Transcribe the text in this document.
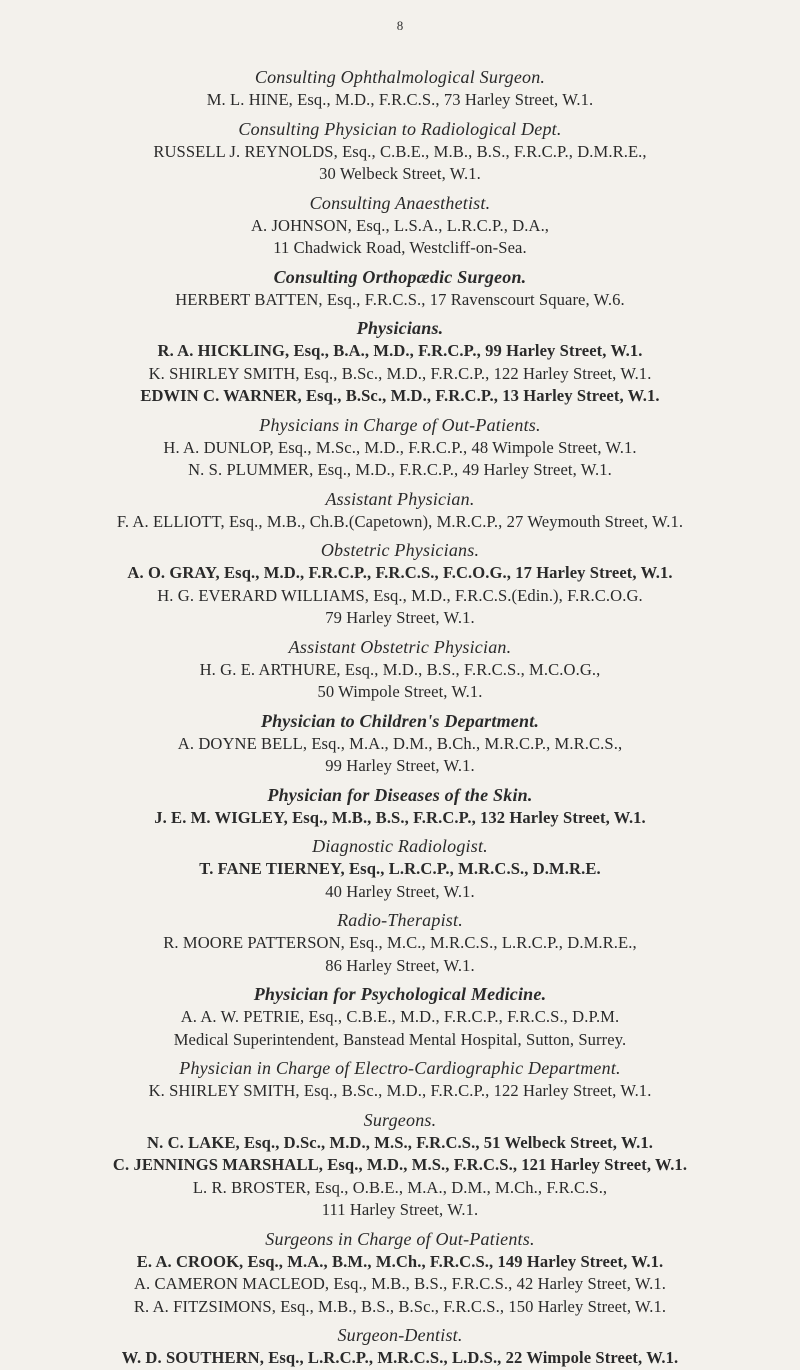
8
Consulting Ophthalmological Surgeon.
M. L. HINE, Esq., M.D., F.R.C.S., 73 Harley Street, W.1.
Consulting Physician to Radiological Dept.
RUSSELL J. REYNOLDS, Esq., C.B.E., M.B., B.S., F.R.C.P., D.M.R.E.,
30 Welbeck Street, W.1.
Consulting Anaesthetist.
A. JOHNSON, Esq., L.S.A., L.R.C.P., D.A.,
11 Chadwick Road, Westcliff-on-Sea.
Consulting Orthopædic Surgeon.
HERBERT BATTEN, Esq., F.R.C.S., 17 Ravenscourt Square, W.6.
Physicians.
R. A. HICKLING, Esq., B.A., M.D., F.R.C.P., 99 Harley Street, W.1.
K. SHIRLEY SMITH, Esq., B.Sc., M.D., F.R.C.P., 122 Harley Street, W.1.
EDWIN C. WARNER, Esq., B.Sc., M.D., F.R.C.P., 13 Harley Street, W.1.
Physicians in Charge of Out-Patients.
H. A. DUNLOP, Esq., M.Sc., M.D., F.R.C.P., 48 Wimpole Street, W.1.
N. S. PLUMMER, Esq., M.D., F.R.C.P., 49 Harley Street, W.1.
Assistant Physician.
F. A. ELLIOTT, Esq., M.B., Ch.B.(Capetown), M.R.C.P., 27 Weymouth Street, W.1.
Obstetric Physicians.
A. O. GRAY, Esq., M.D., F.R.C.P., F.R.C.S., F.C.O.G., 17 Harley Street, W.1.
H. G. EVERARD WILLIAMS, Esq., M.D., F.R.C.S.(Edin.), F.R.C.O.G.
79 Harley Street, W.1.
Assistant Obstetric Physician.
H. G. E. ARTHURE, Esq., M.D., B.S., F.R.C.S., M.C.O.G.,
50 Wimpole Street, W.1.
Physician to Children's Department.
A. DOYNE BELL, Esq., M.A., D.M., B.Ch., M.R.C.P., M.R.C.S.,
99 Harley Street, W.1.
Physician for Diseases of the Skin.
J. E. M. WIGLEY, Esq., M.B., B.S., F.R.C.P., 132 Harley Street, W.1.
Diagnostic Radiologist.
T. FANE TIERNEY, Esq., L.R.C.P., M.R.C.S., D.M.R.E.
40 Harley Street, W.1.
Radio-Therapist.
R. MOORE PATTERSON, Esq., M.C., M.R.C.S., L.R.C.P., D.M.R.E.,
86 Harley Street, W.1.
Physician for Psychological Medicine.
A. A. W. PETRIE, Esq., C.B.E., M.D., F.R.C.P., F.R.C.S., D.P.M.
Medical Superintendent, Banstead Mental Hospital, Sutton, Surrey.
Physician in Charge of Electro-Cardiographic Department.
K. SHIRLEY SMITH, Esq., B.Sc., M.D., F.R.C.P., 122 Harley Street, W.1.
Surgeons.
N. C. LAKE, Esq., D.Sc., M.D., M.S., F.R.C.S., 51 Welbeck Street, W.1.
C. JENNINGS MARSHALL, Esq., M.D., M.S., F.R.C.S., 121 Harley Street, W.1.
L. R. BROSTER, Esq., O.B.E., M.A., D.M., M.Ch., F.R.C.S.,
111 Harley Street, W.1.
Surgeons in Charge of Out-Patients.
E. A. CROOK, Esq., M.A., B.M., M.Ch., F.R.C.S., 149 Harley Street, W.1.
A. CAMERON MACLEOD, Esq., M.B., B.S., F.R.C.S., 42 Harley Street, W.1.
R. A. FITZSIMONS, Esq., M.B., B.S., B.Sc., F.R.C.S., 150 Harley Street, W.1.
Surgeon-Dentist.
W. D. SOUTHERN, Esq., L.R.C.P., M.R.C.S., L.D.S., 22 Wimpole Street, W.1.
